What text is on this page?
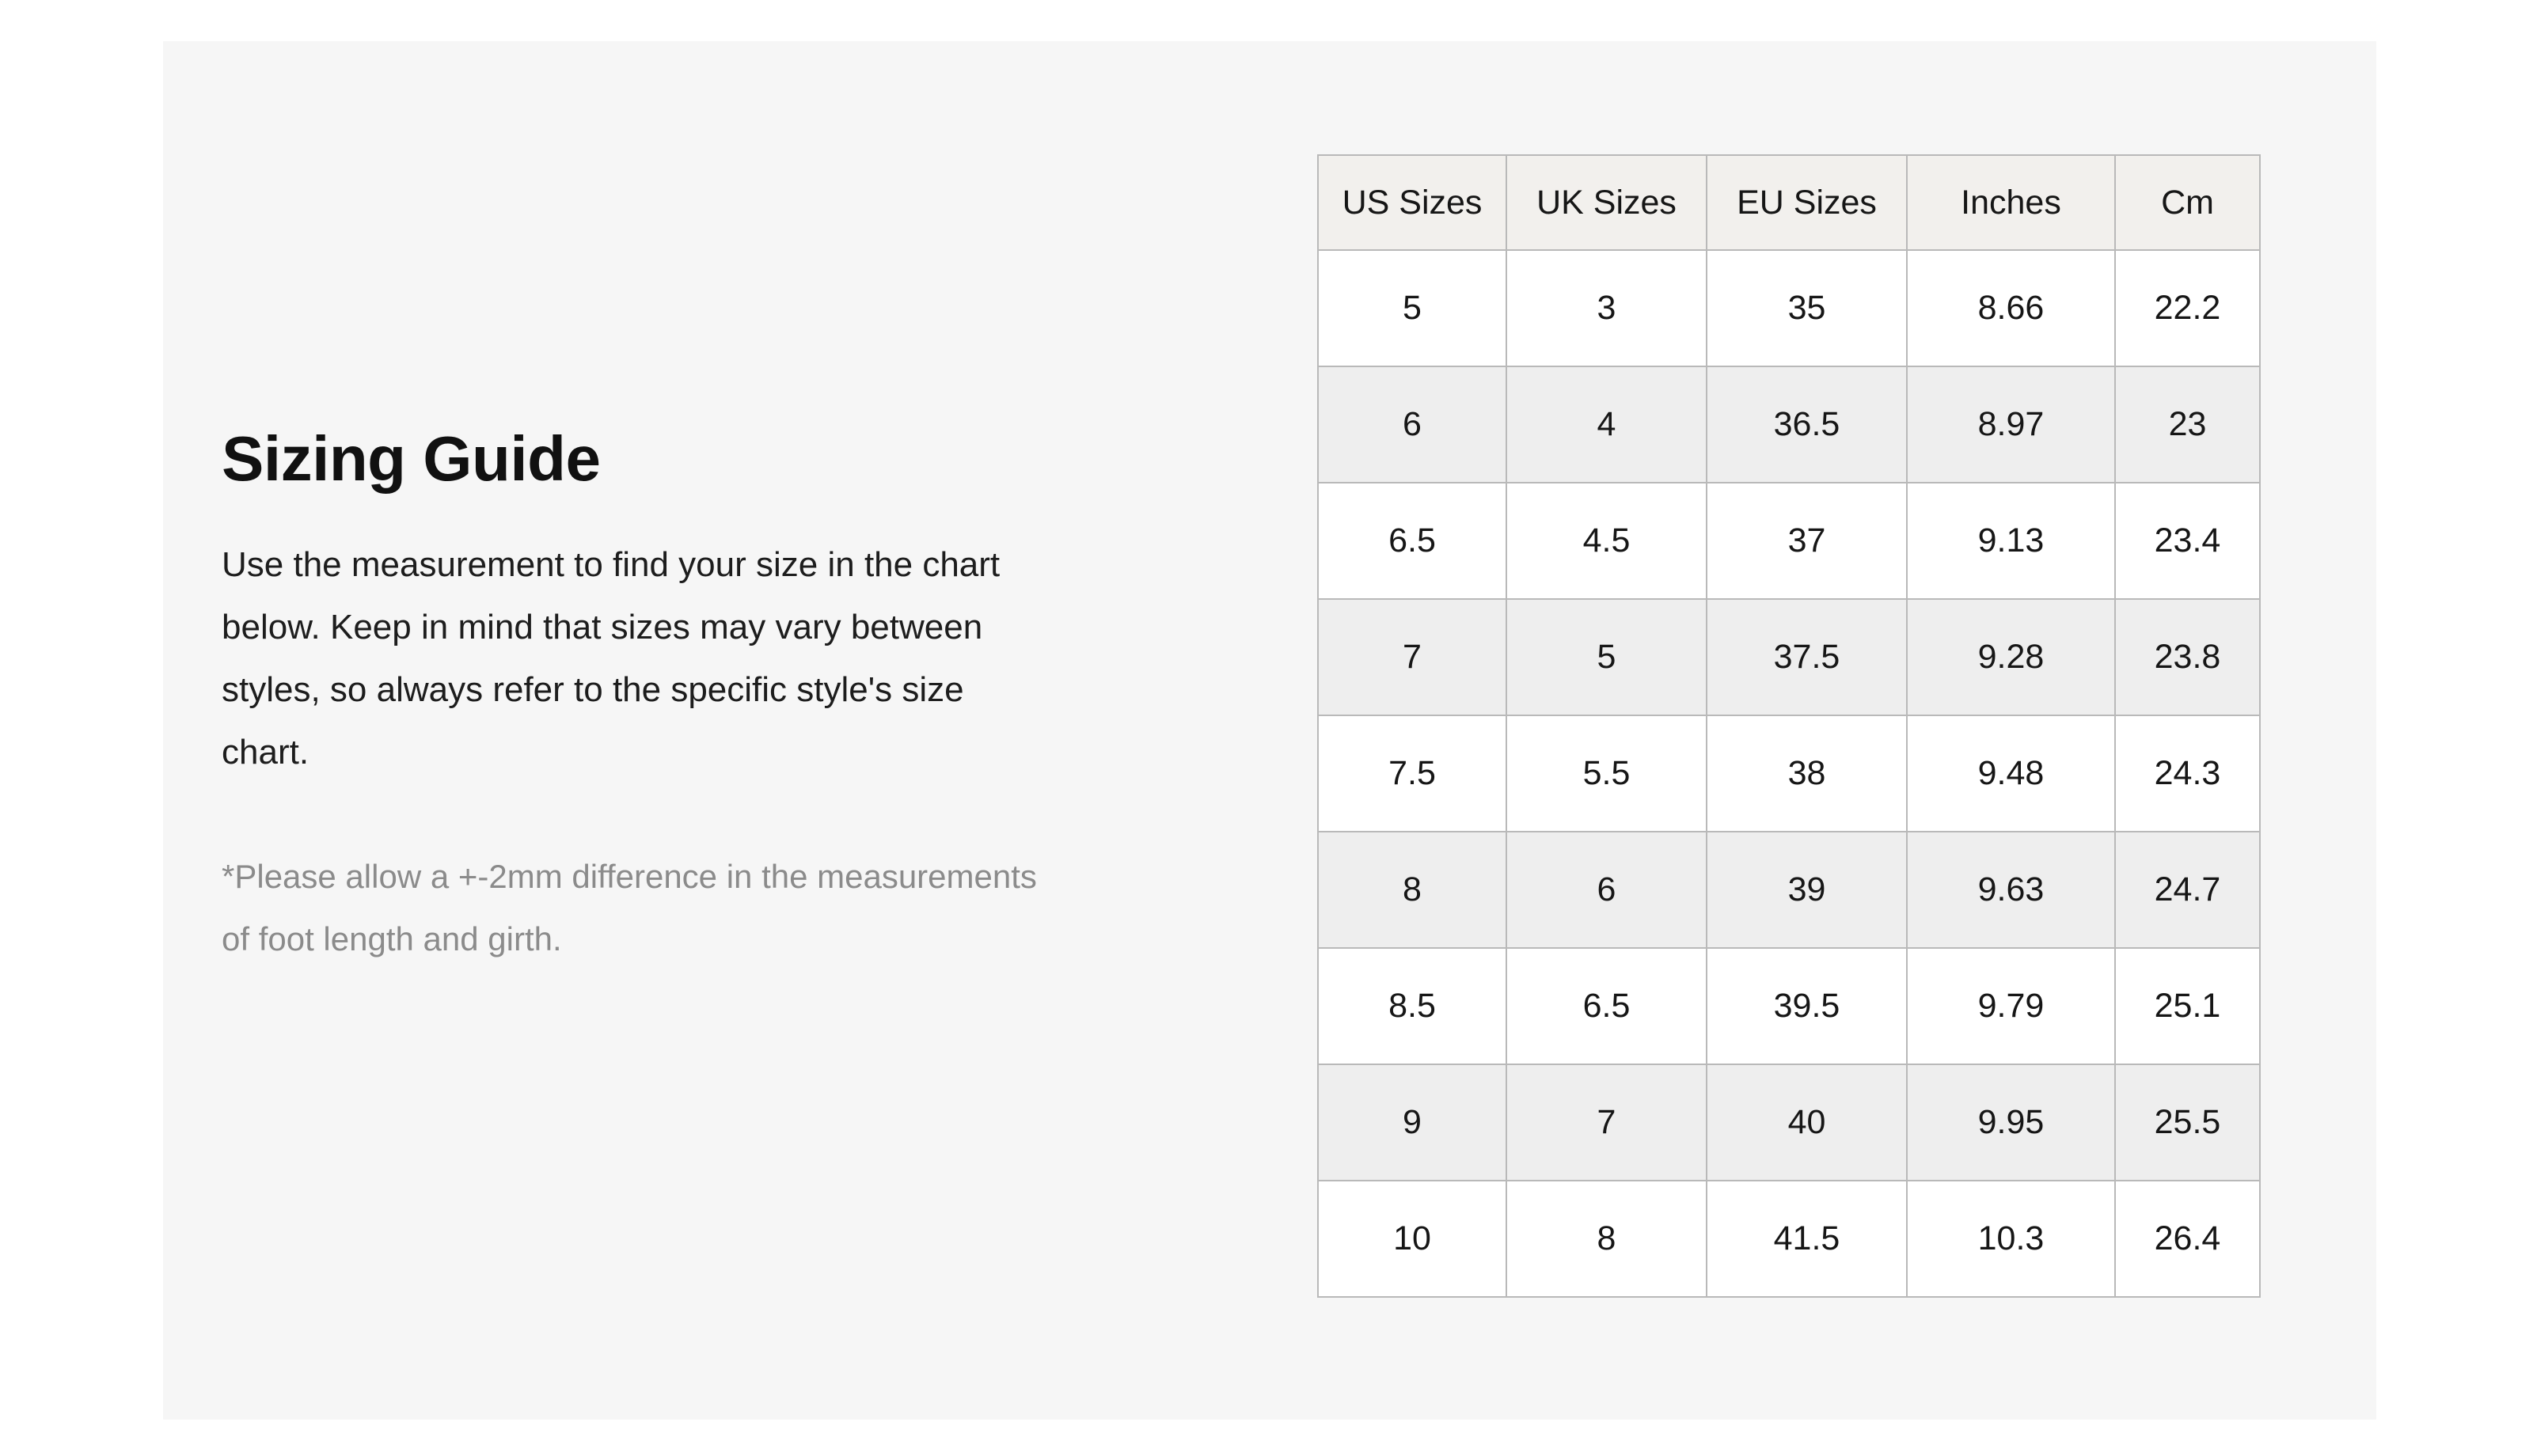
Sizing Guide

Use the measurement to find your size in the chart below. Keep in mind that sizes may vary between styles, so always refer to the specific style's size chart.

*Please allow a +-2mm difference in the measurements of foot length and girth.

US Sizes	UK Sizes	EU Sizes	Inches	Cm
5	3	35	8.66	22.2
6	4	36.5	8.97	23
6.5	4.5	37	9.13	23.4
7	5	37.5	9.28	23.8
7.5	5.5	38	9.48	24.3
8	6	39	9.63	24.7
8.5	6.5	39.5	9.79	25.1
9	7	40	9.95	25.5
10	8	41.5	10.3	26.4
